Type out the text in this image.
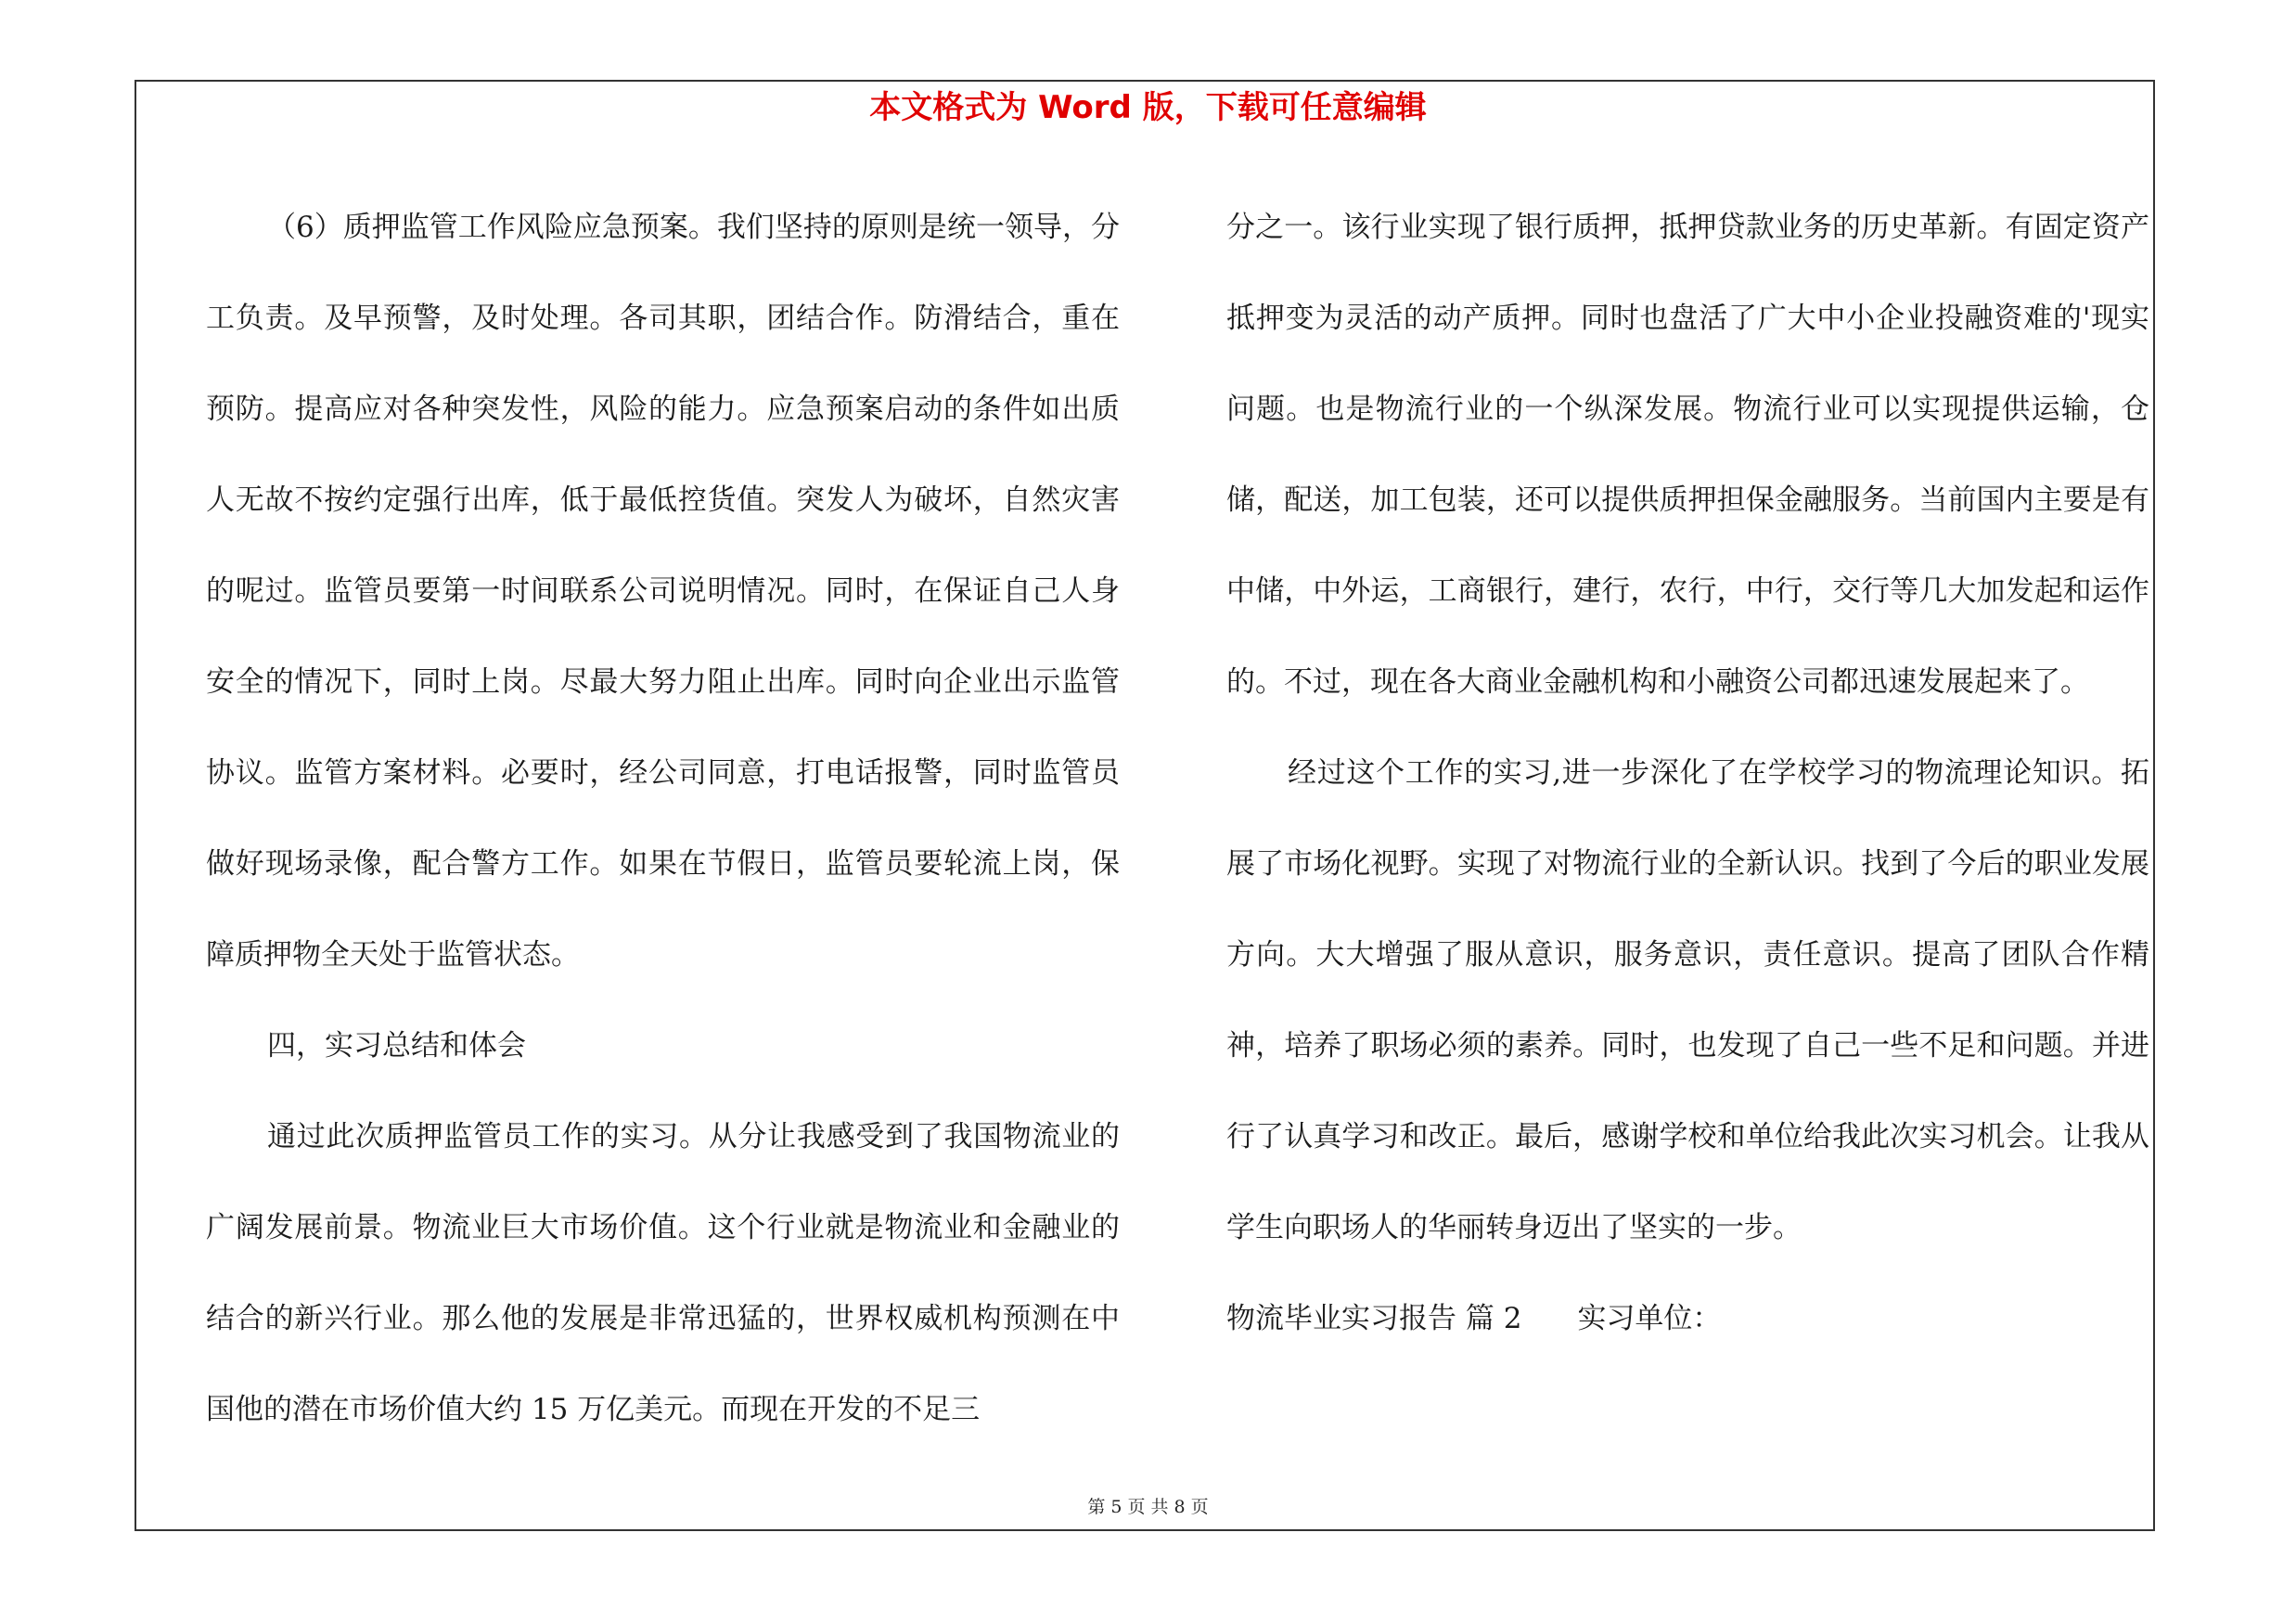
本文格式为 Word 版，下载可任意编辑

（6）质押监管工作风险应急预案。我们坚持的原则是统一领导，分工负责。及早预警，及时处理。各司其职，团结合作。防滑结合，重在预防。提高应对各种突发性，风险的能力。应急预案启动的条件如出质人无故不按约定强行出库，低于最低控货值。突发人为破坏，自然灾害的呢过。监管员要第一时间联系公司说明情况。同时，在保证自己人身安全的情况下，同时上岗。尽最大努力阻止出库。同时向企业出示监管协议。监管方案材料。必要时，经公司同意，打电话报警，同时监管员做好现场录像，配合警方工作。如果在节假日，监管员要轮流上岗，保障质押物全天处于监管状态。

四，实习总结和体会

通过此次质押监管员工作的实习。从分让我感受到了我国物流业的广阔发展前景。物流业巨大市场价值。这个行业就是物流业和金融业的结合的新兴行业。那么他的发展是非常迅猛的，世界权威机构预测在中国他的潜在市场价值大约 15 万亿美元。而现在开发的不足三

分之一。该行业实现了银行质押，抵押贷款业务的历史革新。有固定资产抵押变为灵活的动产质押。同时也盘活了广大中小企业投融资难的'现实问题。也是物流行业的一个纵深发展。物流行业可以实现提供运输，仓储，配送，加工包装，还可以提供质押担保金融服务。当前国内主要是有中储，中外运，工商银行，建行，农行，中行，交行等几大加发起和运作的。不过，现在各大商业金融机构和小融资公司都迅速发展起来了。

经过这个工作的实习,进一步深化了在学校学习的物流理论知识。拓展了市场化视野。实现了对物流行业的全新认识。找到了今后的职业发展方向。大大增强了服从意识，服务意识，责任意识。提高了团队合作精神，培养了职场必须的素养。同时，也发现了自己一些不足和问题。并进行了认真学习和改正。最后，感谢学校和单位给我此次实习机会。让我从学生向职场人的华丽转身迈出了坚实的一步。

物流毕业实习报告 篇 2 实习单位：

第 5 页 共 8 页
